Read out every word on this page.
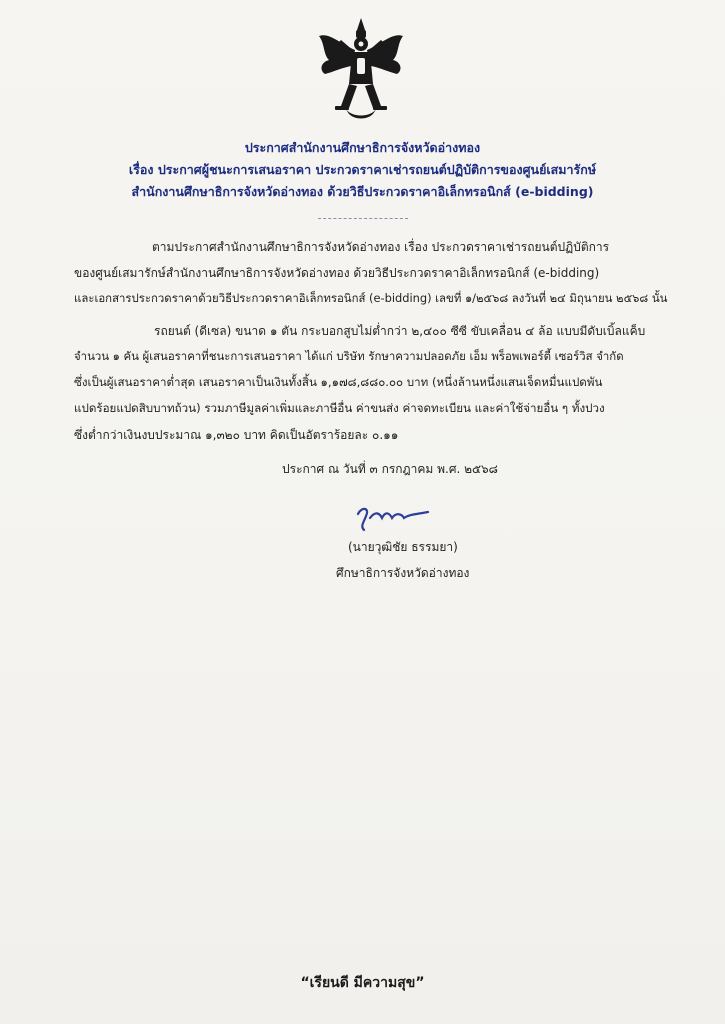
ประกาศสำนักงานศึกษาธิการจังหวัดอ่างทอง
เรื่อง ประกาศผู้ชนะการเสนอราคา ประกวดราคาเช่ารถยนต์ปฏิบัติการของศูนย์เสมารักษ์
สำนักงานศึกษาธิการจังหวัดอ่างทอง ด้วยวิธีประกวดราคาอิเล็กทรอนิกส์ (e-bidding)
ตามประกาศสำนักงานศึกษาธิการจังหวัดอ่างทอง เรื่อง ประกวดราคาเช่ารถยนต์ปฏิบัติการ
ของศูนย์เสมารักษ์สำนักงานศึกษาธิการจังหวัดอ่างทอง ด้วยวิธีประกวดราคาอิเล็กทรอนิกส์ (e-bidding)
และเอกสารประกวดราคาด้วยวิธีประกวดราคาอิเล็กทรอนิกส์ (e-bidding) เลขที่ ๑/๒๕๖๘ ลงวันที่ ๒๔ มิถุนายน ๒๕๖๘ นั้น
รถยนต์ (ดีเซล) ขนาด ๑ ตัน กระบอกสูบไม่ต่ำกว่า ๒,๔๐๐ ซีซี ขับเคลื่อน ๔ ล้อ แบบมีดับเบิ้ลแค็บ
จำนวน ๑ คัน ผู้เสนอราคาที่ชนะการเสนอราคา ได้แก่ บริษัท รักษาความปลอดภัย เอ็ม พร็อพเพอร์ตี้ เซอร์วิส จำกัด
ซึ่งเป็นผู้เสนอราคาต่ำสุด เสนอราคาเป็นเงินทั้งสิ้น ๑,๑๗๘,๘๘๐.๐๐ บาท (หนึ่งล้านหนึ่งแสนเจ็ดหมื่นแปดพัน
แปดร้อยแปดสิบบาทถ้วน) รวมภาษีมูลค่าเพิ่มและภาษีอื่น ค่าขนส่ง ค่าจดทะเบียน และค่าใช้จ่ายอื่น ๆ ทั้งปวง
ซึ่งต่ำกว่าเงินงบประมาณ ๑,๓๒๐ บาท คิดเป็นอัตราร้อยละ ๐.๑๑
ประกาศ ณ วันที่ ๓ กรกฎาคม พ.ศ. ๒๕๖๘
(นายวุฒิชัย ธรรมยา)
ศึกษาธิการจังหวัดอ่างทอง
“เรียนดี มีความสุข”
